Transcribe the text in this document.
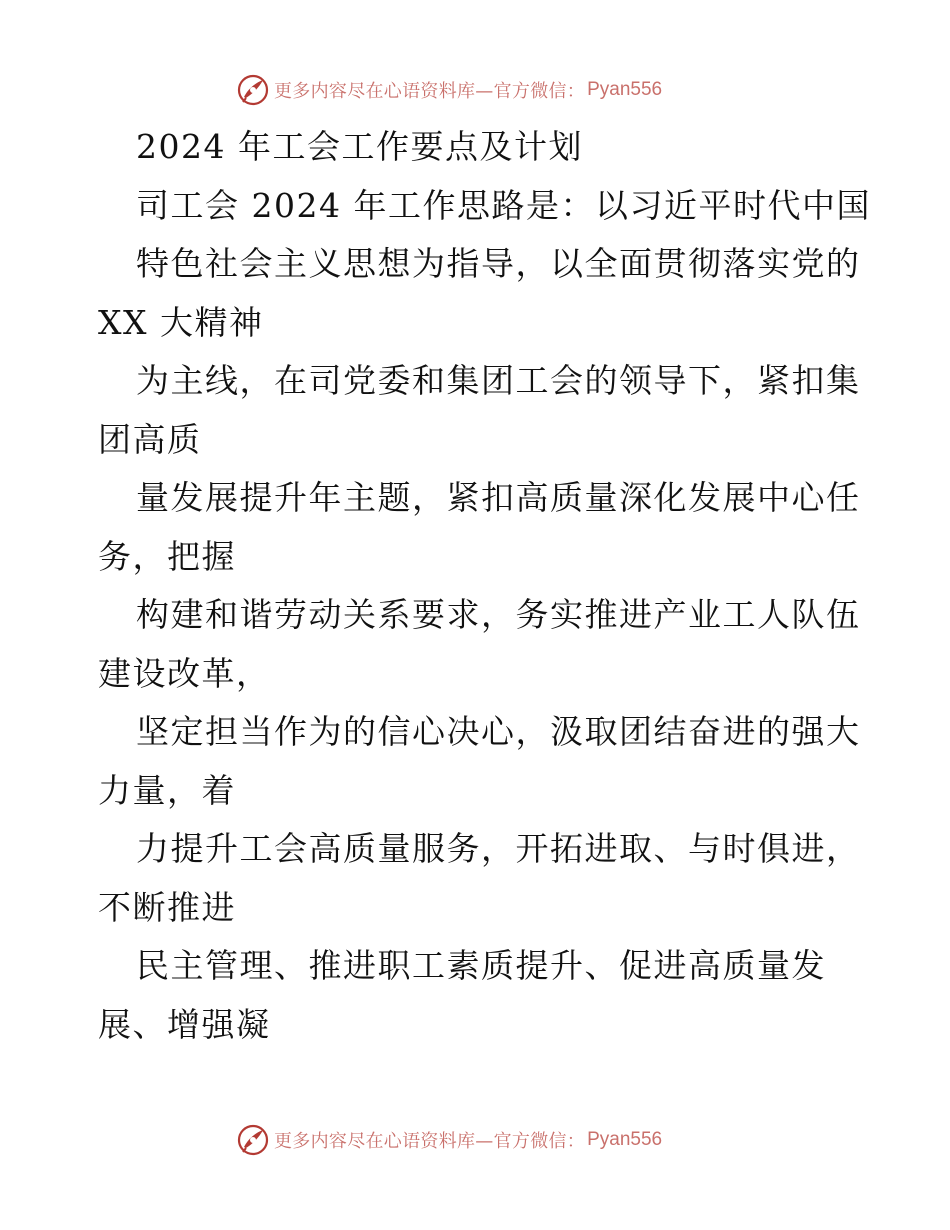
更多内容尽在心语资料库—官方微信： Pyan556
2024 年工会工作要点及计划
司工会 2024 年工作思路是：以习近平时代中国
特色社会主义思想为指导，以全面贯彻落实党的
XX 大精神
为主线，在司党委和集团工会的领导下，紧扣集
团高质
量发展提升年主题，紧扣高质量深化发展中心任
务，把握
构建和谐劳动关系要求，务实推进产业工人队伍
建设改革，
坚定担当作为的信心决心，汲取团结奋进的强大
力量，着
力提升工会高质量服务，开拓进取、与时俱进，
不断推进
民主管理、推进职工素质提升、促进高质量发
展、增强凝
更多内容尽在心语资料库—官方微信： Pyan556
